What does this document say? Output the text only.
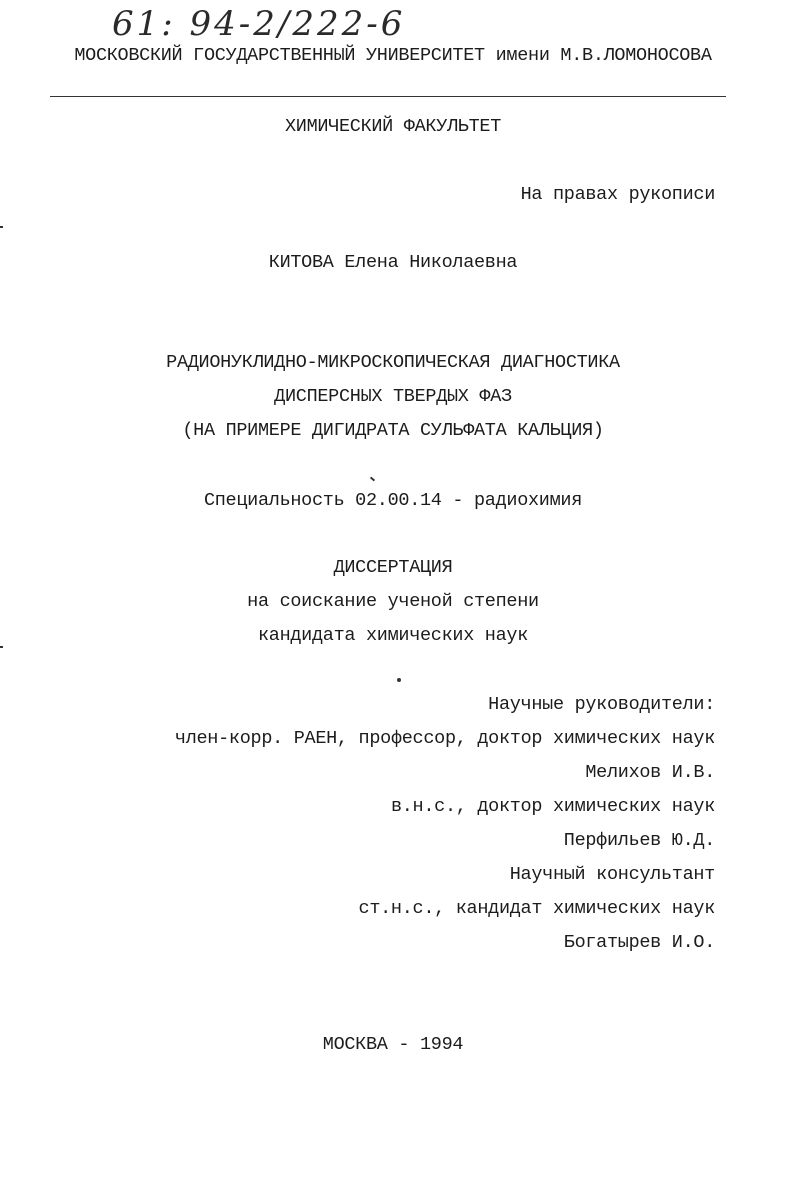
61: 94-2/222-6
МОСКОВСКИЙ ГОСУДАРСТВЕННЫЙ УНИВЕРСИТЕТ имени М.В.ЛОМОНОСОВА
ХИМИЧЕСКИЙ ФАКУЛЬТЕТ
На правах рукописи
КИТОВА Елена Николаевна
РАДИОНУКЛИДНО-МИКРОСКОПИЧЕСКАЯ ДИАГНОСТИКА
ДИСПЕРСНЫХ ТВЕРДЫХ ФАЗ
(НА ПРИМЕРЕ ДИГИДРАТА СУЛЬФАТА КАЛЬЦИЯ)
Специальность 02.00.14 - радиохимия
ДИССЕРТАЦИЯ
на соискание ученой степени
кандидата химических наук
Научные руководители:
член-корр. РАЕН, профессор, доктор химических наук
Мелихов И.В.
в.н.с., доктор химических наук
Перфильев Ю.Д.
Научный консультант
ст.н.с., кандидат химических наук
Богатырев И.О.
МОСКВА - 1994
